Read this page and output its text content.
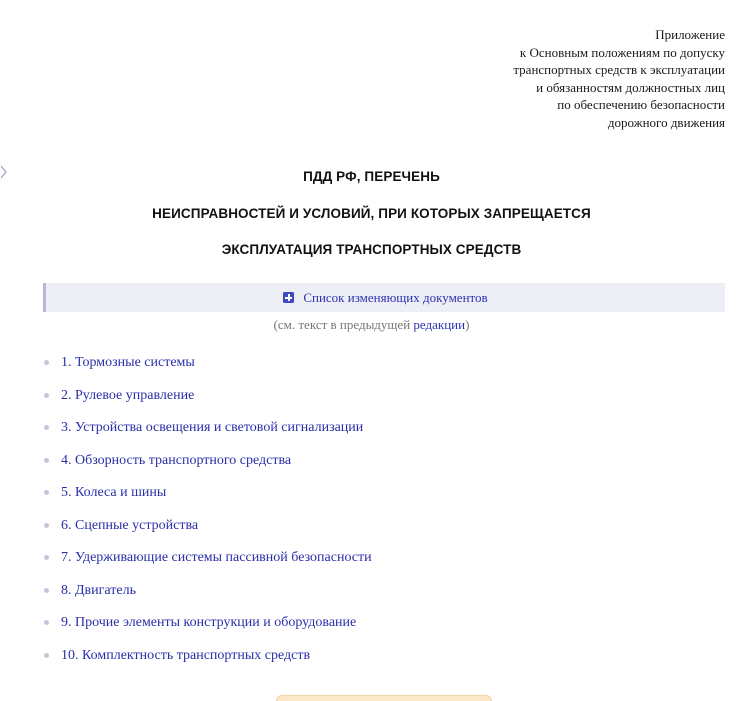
Приложение
к Основным положениям по допуску
транспортных средств к эксплуатации
и обязанностям должностных лиц
по обеспечению безопасности
дорожного движения
ПДД РФ, ПЕРЕЧЕНЬ
НЕИСПРАВНОСТЕЙ И УСЛОВИЙ, ПРИ КОТОРЫХ ЗАПРЕЩАЕТСЯ
ЭКСПЛУАТАЦИЯ ТРАНСПОРТНЫХ СРЕДСТВ
Список изменяющих документов
(см. текст в предыдущей редакции)
1. Тормозные системы
2. Рулевое управление
3. Устройства освещения и световой сигнализации
4. Обзорность транспортного средства
5. Колеса и шины
6. Сцепные устройства
7. Удерживающие системы пассивной безопасности
8. Двигатель
9. Прочие элементы конструкции и оборудование
10. Комплектность транспортных средств
